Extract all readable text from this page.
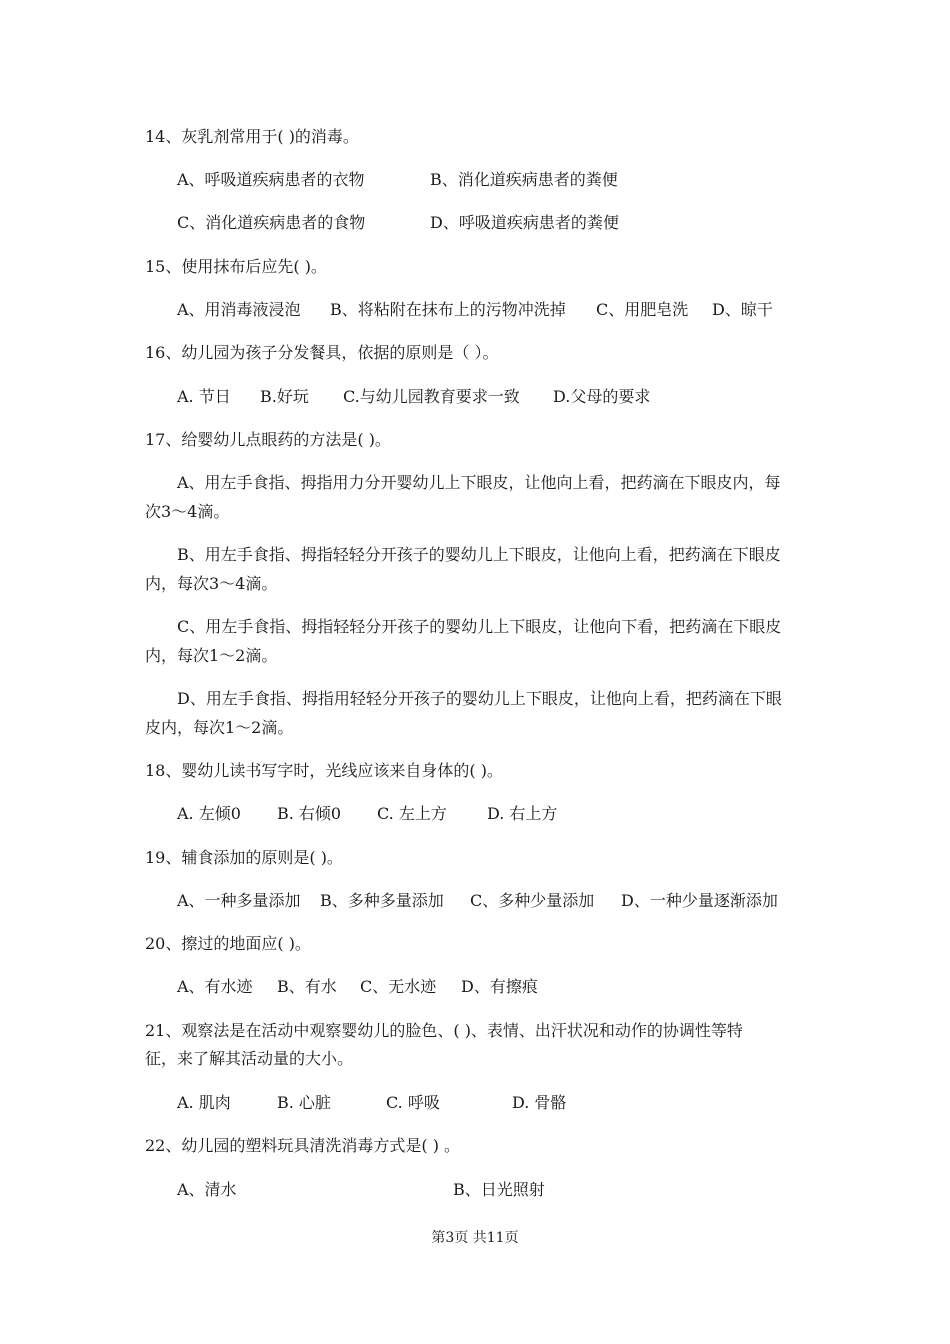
14、灰乳剂常用于( )的消毒。
A、呼吸道疾病患者的衣物	B、消化道疾病患者的粪便
C、消化道疾病患者的食物	D、呼吸道疾病患者的粪便
15、使用抹布后应先( )。
A、用消毒液浸泡 B、将粘附在抹布上的污物冲洗掉 C、用肥皂洗 D、晾干
16、幼儿园为孩子分发餐具，依据的原则是（ ）。
A. 节日 B.好玩 C.与幼儿园教育要求一致 D.父母的要求
17、给婴幼儿点眼药的方法是( )。
A、用左手食指、拇指用力分开婴幼儿上下眼皮，让他向上看，把药滴在下眼皮内，每
次3～4滴。
B、用左手食指、拇指轻轻分开孩子的婴幼儿上下眼皮，让他向上看，把药滴在下眼皮
内，每次3～4滴。
C、用左手食指、拇指轻轻分开孩子的婴幼儿上下眼皮，让他向下看，把药滴在下眼皮
内，每次1～2滴。
D、用左手食指、拇指用轻轻分开孩子的婴幼儿上下眼皮，让他向上看，把药滴在下眼
皮内，每次1～2滴。
18、婴幼儿读书写字时，光线应该来自身体的( )。
A. 左倾0 B. 右倾0 C. 左上方	D. 右上方
19、辅食添加的原则是( )。
A、一种多量添加 B、多种多量添加 C、多种少量添加 D、一种少量逐渐添加
20、擦过的地面应( )。
A、有水迹 B、有水 C、无水迹 D、有擦痕
21、观察法是在活动中观察婴幼儿的脸色、( )、表情、出汗状况和动作的协调性等特
征，来了解其活动量的大小。
A. 肌肉	B. 心脏	C. 呼吸	D. 骨骼
22、幼儿园的塑料玩具清洗消毒方式是( ) 。
A、清水	B、日光照射
第3页 共11页
